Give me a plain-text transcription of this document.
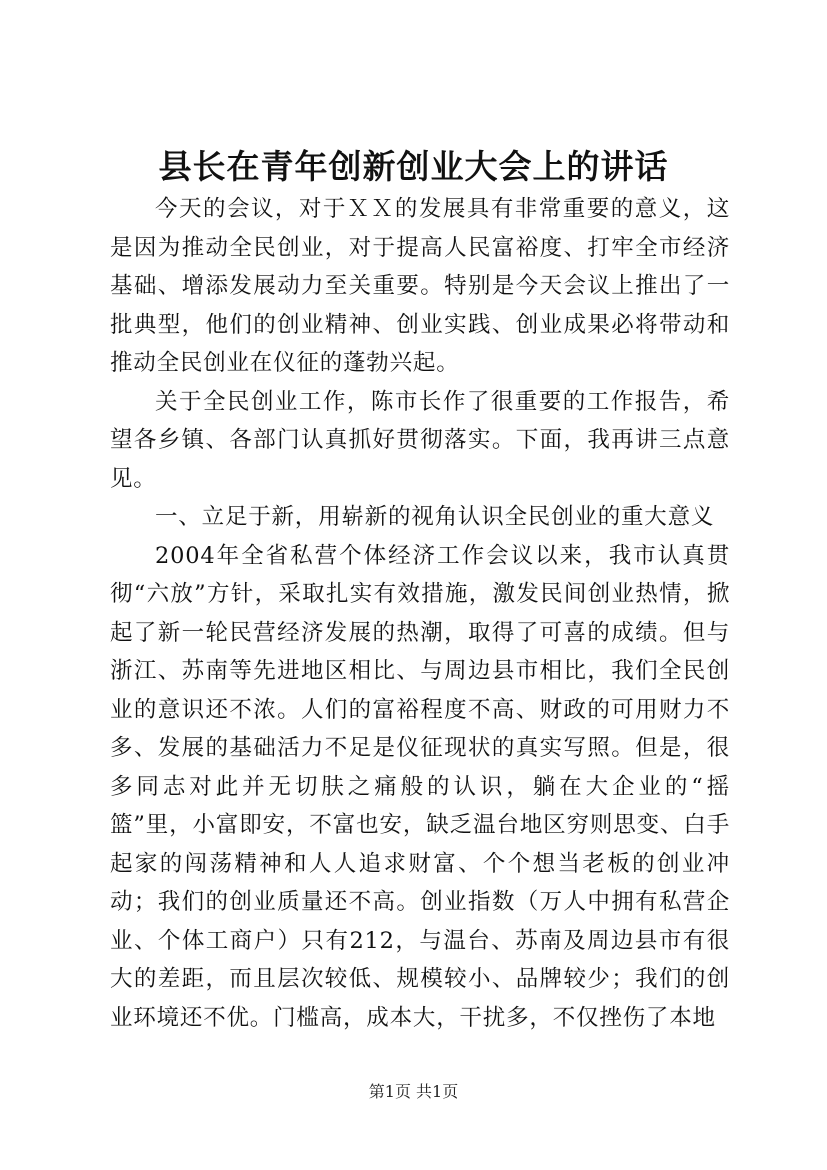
县长在青年创新创业大会上的讲话

今天的会议，对于ＸＸ的发展具有非常重要的意义，这是因为推动全民创业，对于提高人民富裕度、打牢全市经济基础、增添发展动力至关重要。特别是今天会议上推出了一批典型，他们的创业精神、创业实践、创业成果必将带动和推动全民创业在仪征的蓬勃兴起。

关于全民创业工作，陈市长作了很重要的工作报告，希望各乡镇、各部门认真抓好贯彻落实。下面，我再讲三点意见。

一、立足于新，用崭新的视角认识全民创业的重大意义

2004年全省私营个体经济工作会议以来，我市认真贯彻“六放”方针，采取扎实有效措施，激发民间创业热情，掀起了新一轮民营经济发展的热潮，取得了可喜的成绩。但与浙江、苏南等先进地区相比、与周边县市相比，我们全民创业的意识还不浓。人们的富裕程度不高、财政的可用财力不多、发展的基础活力不足是仪征现状的真实写照。但是，很多同志对此并无切肤之痛般的认识，躺在大企业的“摇篮”里，小富即安，不富也安，缺乏温台地区穷则思变、白手起家的闯荡精神和人人追求财富、个个想当老板的创业冲动；我们的创业质量还不高。创业指数（万人中拥有私营企业、个体工商户）只有212，与温台、苏南及周边县市有很大的差距，而且层次较低、规模较小、品牌较少；我们的创业环境还不优。门槛高，成本大，干扰多，不仅挫伤了本地

第1页 共1页
